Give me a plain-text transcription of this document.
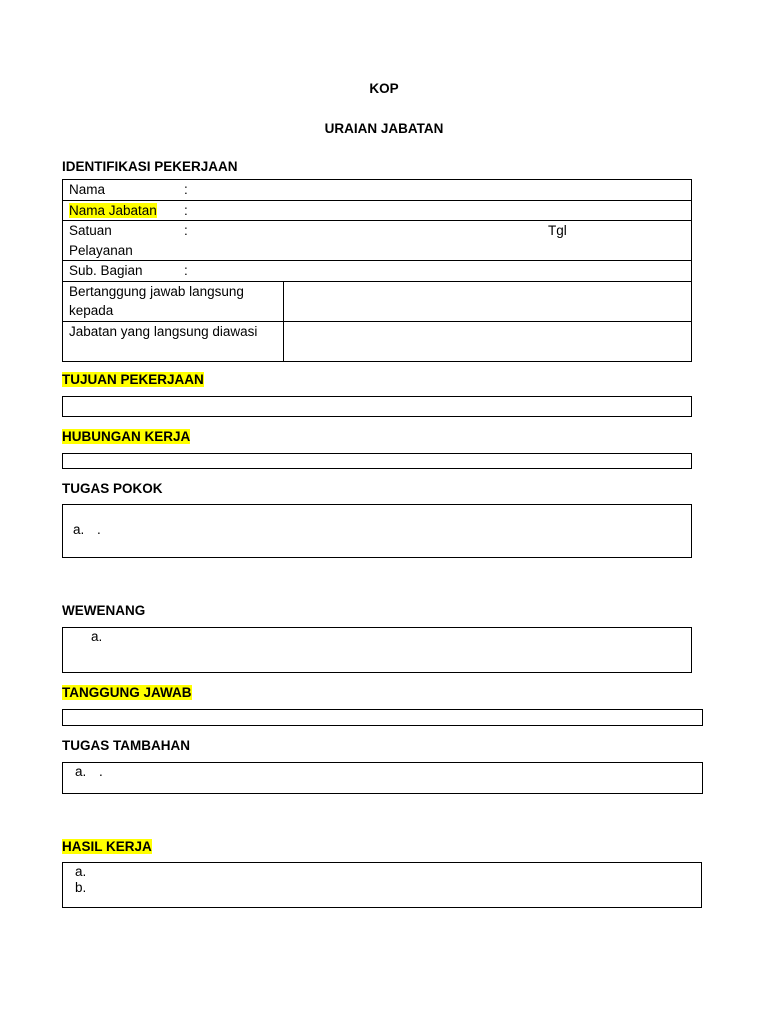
KOP
URAIAN JABATAN
IDENTIFIKASI PEKERJAAN
Nama :	

Nama Jabatan :	

Satuan : Tgl

Pelayanan	
Sub. Bagian :	

Bertanggung jawab langsung kepada	
Jabatan yang langsung diawasi	
TUJUAN PEKERJAAN
HUBUNGAN KERJA
TUGAS POKOK
a. .
WEWENANG
a.
TANGGUNG JAWAB
TUGAS TAMBAHAN
a. .
HASIL KERJA
a.
b.
